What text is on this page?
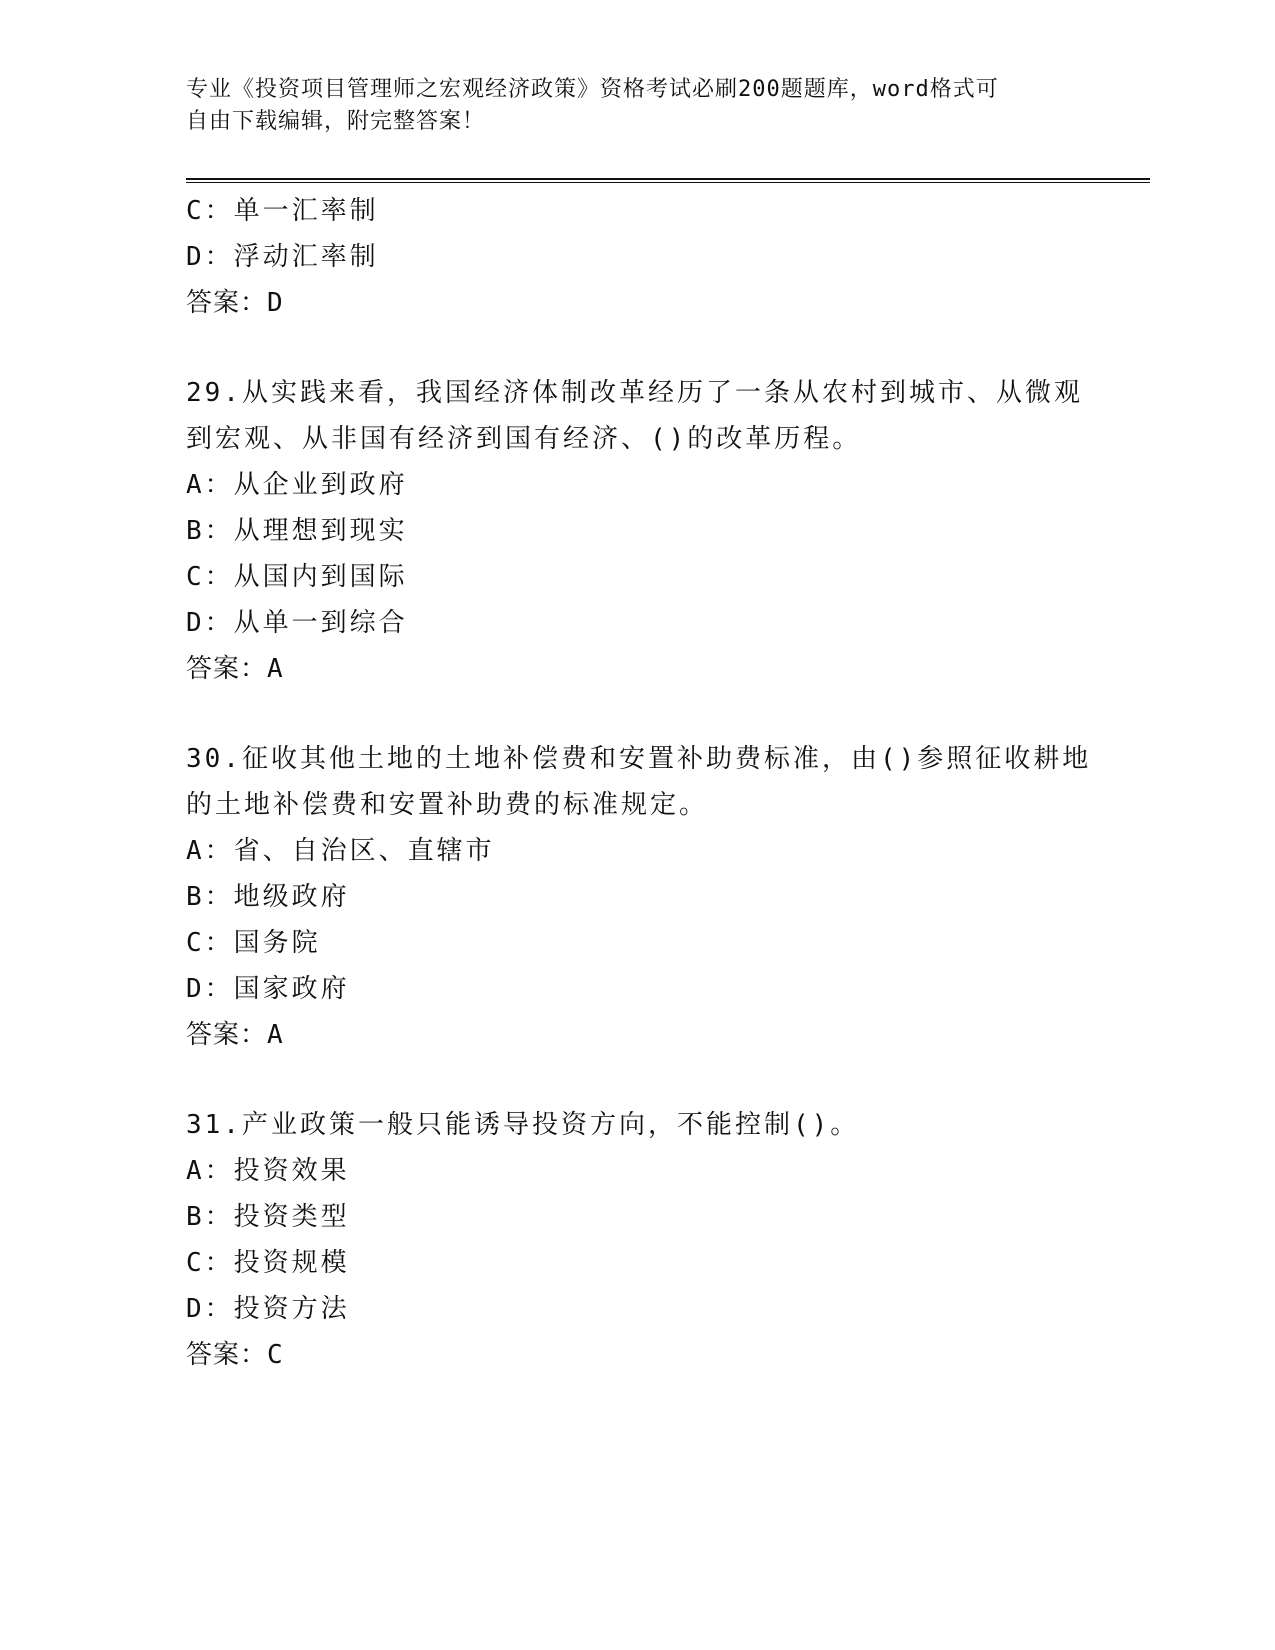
专业《投资项目管理师之宏观经济政策》资格考试必刷200题题库，word格式可
自由下载编辑，附完整答案！
C：单一汇率制
D：浮动汇率制
答案：D
29.从实践来看，我国经济体制改革经历了一条从农村到城市、从微观
到宏观、从非国有经济到国有经济、()的改革历程。
A：从企业到政府
B：从理想到现实
C：从国内到国际
D：从单一到综合
答案：A
30.征收其他土地的土地补偿费和安置补助费标准，由()参照征收耕地
的土地补偿费和安置补助费的标准规定。
A：省、自治区、直辖市
B：地级政府
C：国务院
D：国家政府
答案：A
31.产业政策一般只能诱导投资方向，不能控制()。
A：投资效果
B：投资类型
C：投资规模
D：投资方法
答案：C
